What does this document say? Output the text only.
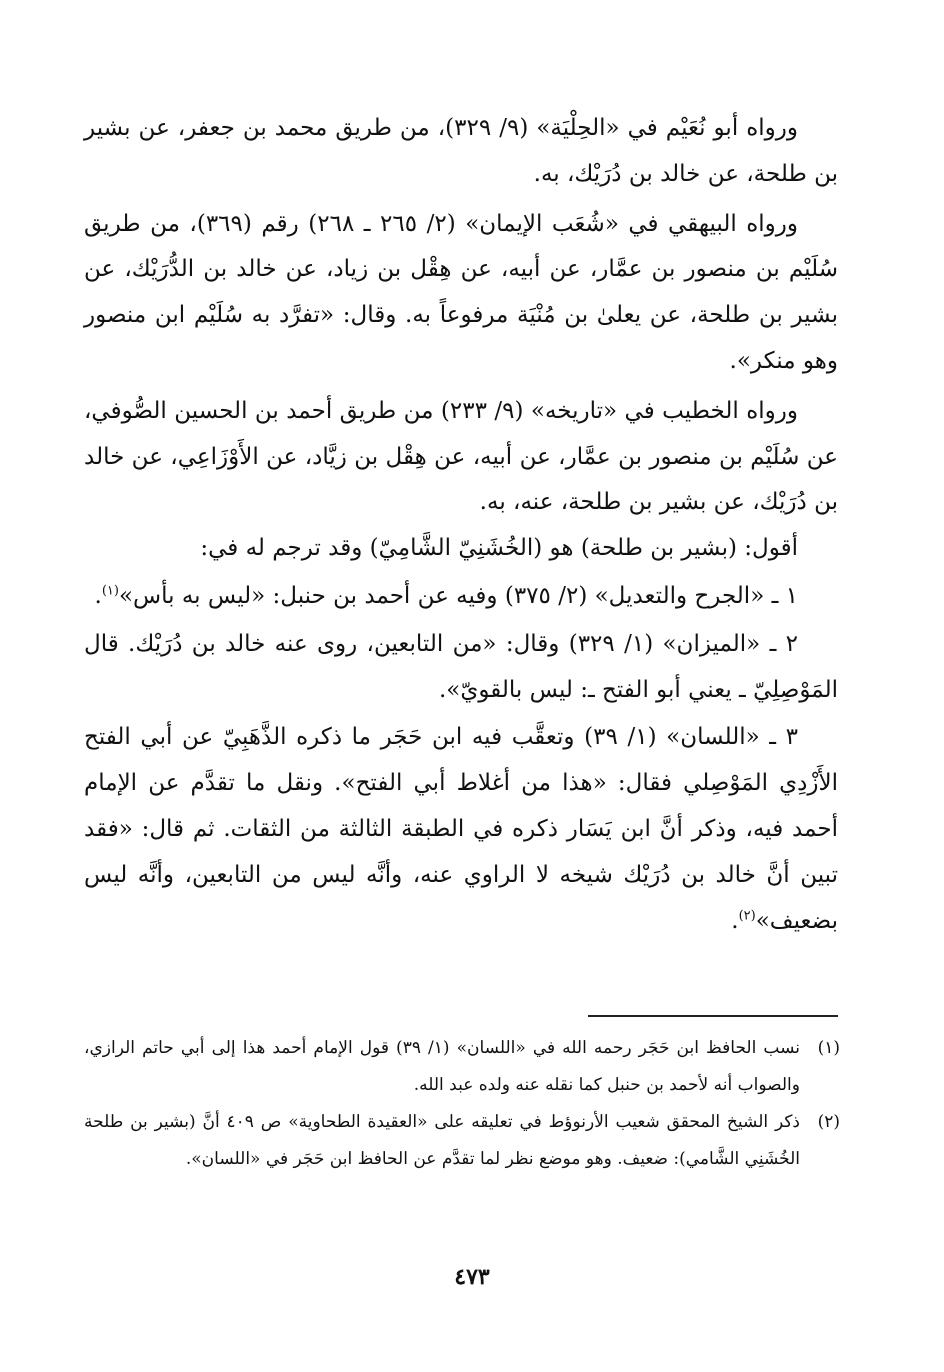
ورواه أبو نُعَيْم في «الحِلْيَة» (٩/ ٣٢٩)، من طريق محمد بن جعفر، عن بشير بن طلحة، عن خالد بن دُرَيْك، به.

ورواه البيهقي في «شُعَب الإيمان» (٢/ ٢٦٥ ـ ٢٦٨) رقم (٣٦٩)، من طريق سُلَيْم بن منصور بن عمَّار، عن أبيه، عن هِقْل بن زياد، عن خالد بن الدُّرَيْك، عن بشير بن طلحة، عن يعلىٰ بن مُنْيَة مرفوعاً به. وقال: «تفرَّد به سُلَيْم ابن منصور وهو منكر».

ورواه الخطيب في «تاريخه» (٩/ ٢٣٣) من طريق أحمد بن الحسين الصُّوفي، عن سُلَيْم بن منصور بن عمَّار، عن أبيه، عن هِقْل بن زيَّاد، عن الأَوْزَاعِي، عن خالد بن دُرَيْك، عن بشير بن طلحة، عنه، به.

أقول: (بشير بن طلحة) هو (الخُشَنِيّ الشَّامِيّ) وقد ترجم له في:

١ ـ «الجرح والتعديل» (٢/ ٣٧٥) وفيه عن أحمد بن حنبل: «ليس به بأس»$^{(١)}$.

٢ ـ «الميزان» (١/ ٣٢٩) وقال: «من التابعين، روى عنه خالد بن دُرَيْك. قال المَوْصِلِيّ ـ يعني أبو الفتح ـ: ليس بالقويّ».

٣ ـ «اللسان» (١/ ٣٩) وتعقَّب فيه ابن حَجَر ما ذكره الذَّهَبِيّ عن أبي الفتح الأَزْدِي المَوْصِلي فقال: «هذا من أغلاط أبي الفتح». ونقل ما تقدَّم عن الإمام أحمد فيه، وذكر أنَّ ابن يَسَار ذكره في الطبقة الثالثة من الثقات. ثم قال: «فقد تبين أنَّ خالد بن دُرَيْك شيخه لا الراوي عنه، وأنَّه ليس من التابعين، وأنَّه ليس بضعيف»$^{(٢)}$.

(١)نسب الحافظ ابن حَجَر رحمه الله في «اللسان» (١/ ٣٩) قول الإمام أحمد هذا إلى أبي حاتم الرازي، والصواب أنه لأحمد بن حنبل كما نقله عنه ولده عبد الله.

(٢)ذكر الشيخ المحقق شعيب الأرنوؤط في تعليقه على «العقيدة الطحاوية» ص ٤٠٩ أنَّ (بشير بن طلحة الخُشَنِي الشَّامي): ضعيف. وهو موضع نظر لما تقدَّم عن الحافظ ابن حَجَر في «اللسان».

٤٧٣
